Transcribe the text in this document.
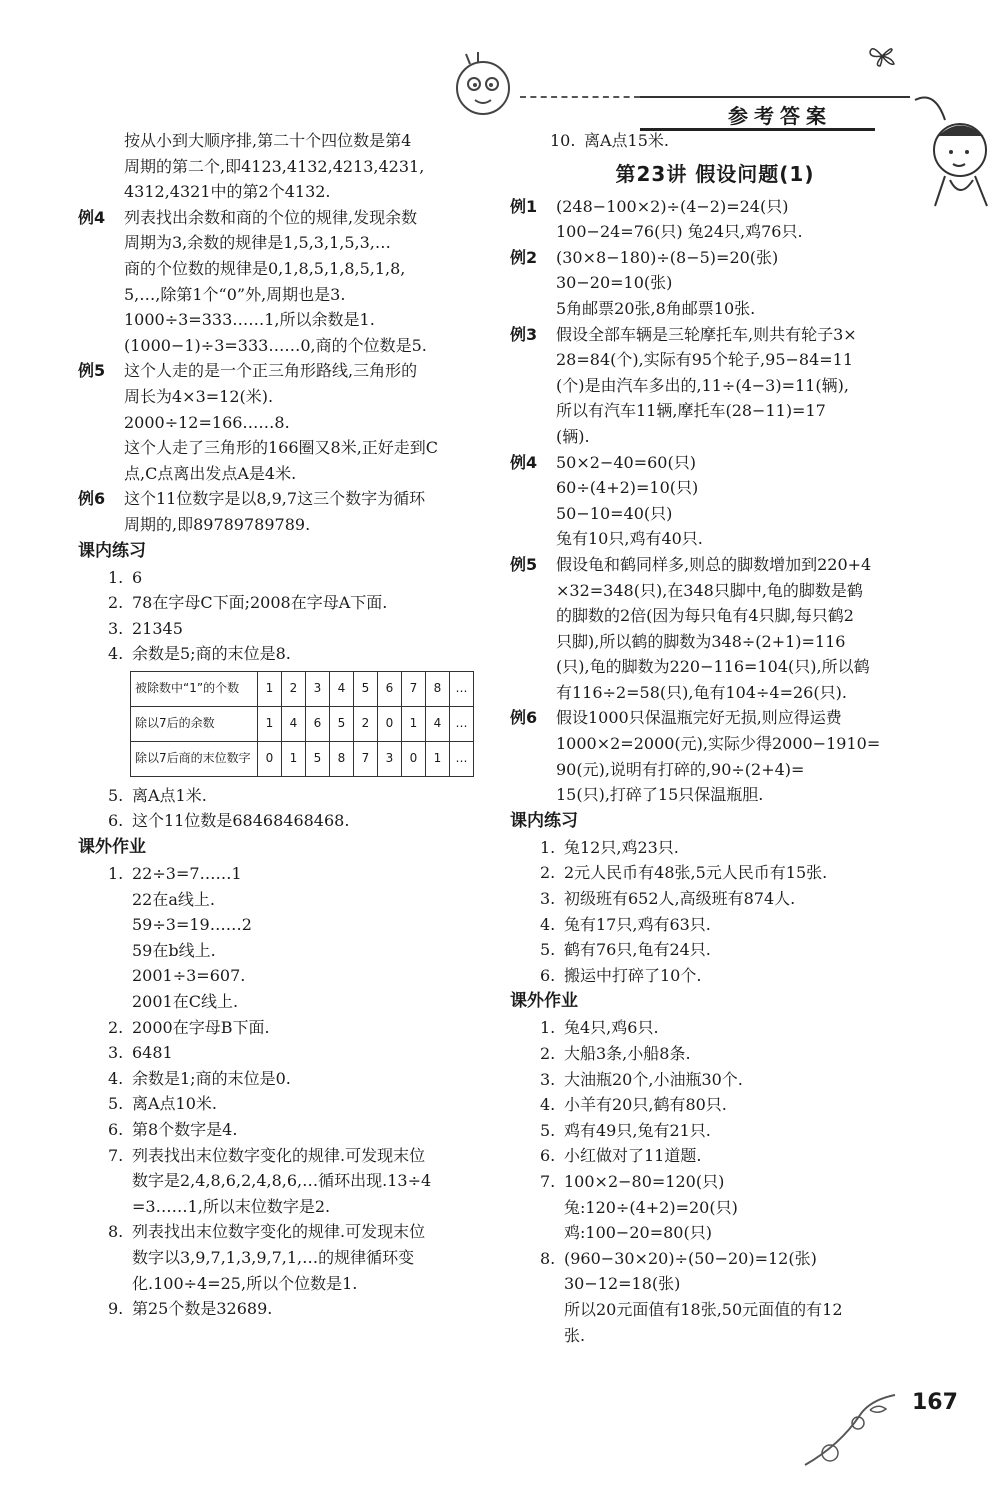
参考答案
按从小到大顺序排,第二十个四位数是第4
周期的第二个,即4123,4132,4213,4231,
4312,4321中的第2个4132.
例4	列表找出余数和商的个位的规律,发现余数
周期为3,余数的规律是1,5,3,1,5,3,…
商的个位数的规律是0,1,8,5,1,8,5,1,8,
5,…,除第1个“0”外,周期也是3.
1000÷3=333……1,所以余数是1.
(1000−1)÷3=333……0,商的个位数是5.
例5	这个人走的是一个正三角形路线,三角形的
周长为4×3=12(米).
2000÷12=166……8.
这个人走了三角形的166圈又8米,正好走到C
点,C点离出发点A是4米.
例6	这个11位数字是以8,9,7这三个数字为循环
周期的,即89789789789.
课内练习
1. 6
2. 78在字母C下面;2008在字母A下面.
3. 21345
4. 余数是5;商的末位是8.
被除数中“1”的个数	1	2	3	4	5	6	7	8	…
除以7后的余数	1	4	6	5	2	0	1	4	…
除以7后商的末位数字	0	1	5	8	7	3	0	1	…
5. 离A点1米.
6. 这个11位数是68468468468.
课外作业
1. 22÷3=7……1
22在a线上.
59÷3=19……2
59在b线上.
2001÷3=607.
2001在C线上.
2. 2000在字母B下面.
3. 6481
4. 余数是1;商的末位是0.
5. 离A点10米.
6. 第8个数字是4.
7. 列表找出末位数字变化的规律.可发现末位
数字是2,4,8,6,2,4,8,6,…循环出现.13÷4
=3……1,所以末位数字是2.
8. 列表找出末位数字变化的规律.可发现末位
数字以3,9,7,1,3,9,7,1,…的规律循环变
化.100÷4=25,所以个位数是1.
9. 第25个数是32689.
10. 离A点15米.
第23讲 假设问题(1)
例1	(248−100×2)÷(4−2)=24(只)
100−24=76(只) 兔24只,鸡76只.
例2	(30×8−180)÷(8−5)=20(张)
30−20=10(张)
5角邮票20张,8角邮票10张.
例3	假设全部车辆是三轮摩托车,则共有轮子3×
28=84(个),实际有95个轮子,95−84=11
(个)是由汽车多出的,11÷(4−3)=11(辆),
所以有汽车11辆,摩托车(28−11)=17
(辆).
例4	50×2−40=60(只)
60÷(4+2)=10(只)
50−10=40(只)
兔有10只,鸡有40只.
例5	假设龟和鹤同样多,则总的脚数增加到220+4
×32=348(只),在348只脚中,龟的脚数是鹤
的脚数的2倍(因为每只龟有4只脚,每只鹤2
只脚),所以鹤的脚数为348÷(2+1)=116
(只),龟的脚数为220−116=104(只),所以鹤
有116÷2=58(只),龟有104÷4=26(只).
例6	假设1000只保温瓶完好无损,则应得运费
1000×2=2000(元),实际少得2000−1910=
90(元),说明有打碎的,90÷(2+4)=
15(只),打碎了15只保温瓶胆.
课内练习
1. 兔12只,鸡23只.
2. 2元人民币有48张,5元人民币有15张.
3. 初级班有652人,高级班有874人.
4. 兔有17只,鸡有63只.
5. 鹤有76只,龟有24只.
6. 搬运中打碎了10个.
课外作业
1. 兔4只,鸡6只.
2. 大船3条,小船8条.
3. 大油瓶20个,小油瓶30个.
4. 小羊有20只,鹤有80只.
5. 鸡有49只,兔有21只.
6. 小红做对了11道题.
7. 100×2−80=120(只)
兔:120÷(4+2)=20(只)
鸡:100−20=80(只)
8. (960−30×20)÷(50−20)=12(张)
30−12=18(张)
所以20元面值有18张,50元面值的有12
张.
167
